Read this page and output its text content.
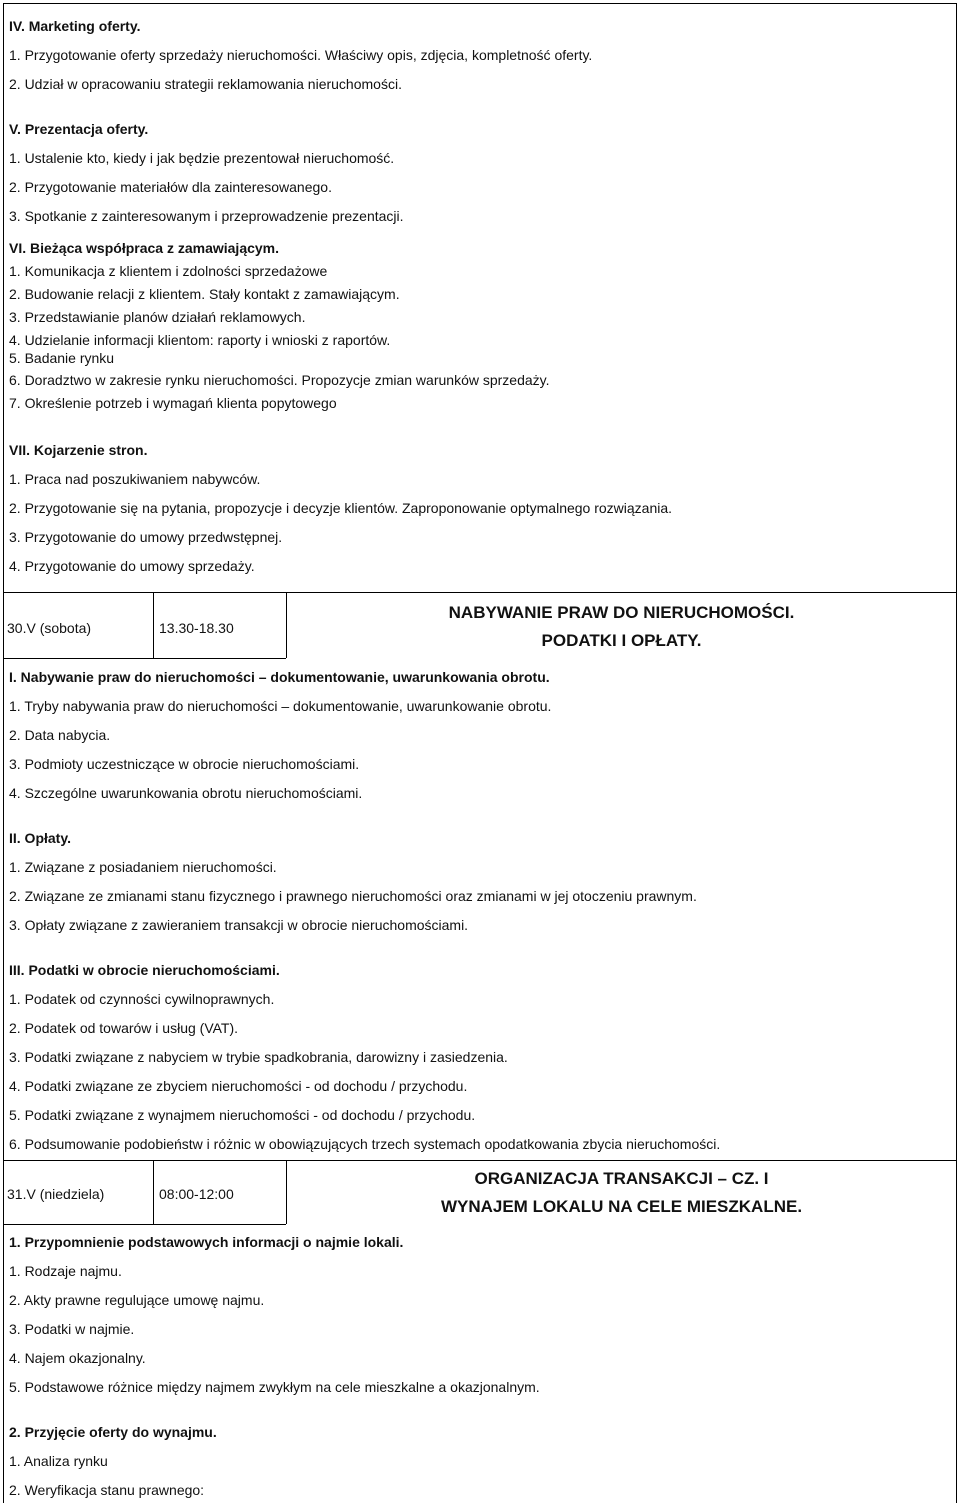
IV. Marketing oferty.
1. Przygotowanie oferty sprzedaży nieruchomości. Właściwy opis, zdjęcia, kompletność oferty.
2. Udział w opracowaniu strategii reklamowania nieruchomości.
V. Prezentacja oferty.
1. Ustalenie kto, kiedy i jak będzie prezentował nieruchomość.
2. Przygotowanie materiałów dla zainteresowanego.
3. Spotkanie z zainteresowanym i przeprowadzenie prezentacji.
VI. Bieżąca współpraca z zamawiającym.
1. Komunikacja z klientem i zdolności sprzedażowe
2. Budowanie relacji z klientem. Stały kontakt z zamawiającym.
3. Przedstawianie planów działań reklamowych.
4. Udzielanie informacji klientom: raporty i wnioski z raportów.
5. Badanie rynku
6. Doradztwo w zakresie rynku nieruchomości. Propozycje zmian warunków sprzedaży.
7. Określenie potrzeb i wymagań klienta popytowego
VII. Kojarzenie stron.
1. Praca nad poszukiwaniem nabywców.
2. Przygotowanie się na pytania, propozycje i decyzje klientów. Zaproponowanie optymalnego rozwiązania.
3. Przygotowanie do umowy przedwstępnej.
4. Przygotowanie do umowy sprzedaży.
30.V (sobota)	13.30-18.30
NABYWANIE PRAW DO NIERUCHOMOŚCI.
PODATKI I OPŁATY.
I. Nabywanie praw do nieruchomości – dokumentowanie, uwarunkowania obrotu.
1. Tryby nabywania praw do nieruchomości – dokumentowanie, uwarunkowanie obrotu.
2. Data nabycia.
3. Podmioty uczestniczące w obrocie nieruchomościami.
4. Szczególne uwarunkowania obrotu nieruchomościami.
II. Opłaty.
1. Związane z posiadaniem nieruchomości.
2. Związane ze zmianami stanu fizycznego i prawnego nieruchomości oraz zmianami w jej otoczeniu prawnym.
3. Opłaty związane z zawieraniem transakcji w obrocie nieruchomościami.
III. Podatki w obrocie nieruchomościami.
1. Podatek od czynności cywilnoprawnych.
2. Podatek od towarów i usług (VAT).
3. Podatki związane z nabyciem w trybie spadkobrania, darowizny i zasiedzenia.
4. Podatki związane ze zbyciem nieruchomości - od dochodu / przychodu.
5. Podatki związane z wynajmem nieruchomości - od dochodu / przychodu.
6. Podsumowanie podobieństw i różnic w obowiązujących trzech systemach opodatkowania zbycia nieruchomości.
31.V (niedziela)	08:00-12:00
ORGANIZACJA TRANSAKCJI – CZ. I
WYNAJEM LOKALU NA CELE MIESZKALNE.
1. Przypomnienie podstawowych informacji o najmie lokali.
1. Rodzaje najmu.
2. Akty prawne regulujące umowę najmu.
3. Podatki w najmie.
4. Najem okazjonalny.
5. Podstawowe różnice między najmem zwykłym na cele mieszkalne a okazjonalnym.
2. Przyjęcie oferty do wynajmu.
1. Analiza rynku
2. Weryfikacja stanu prawnego:
